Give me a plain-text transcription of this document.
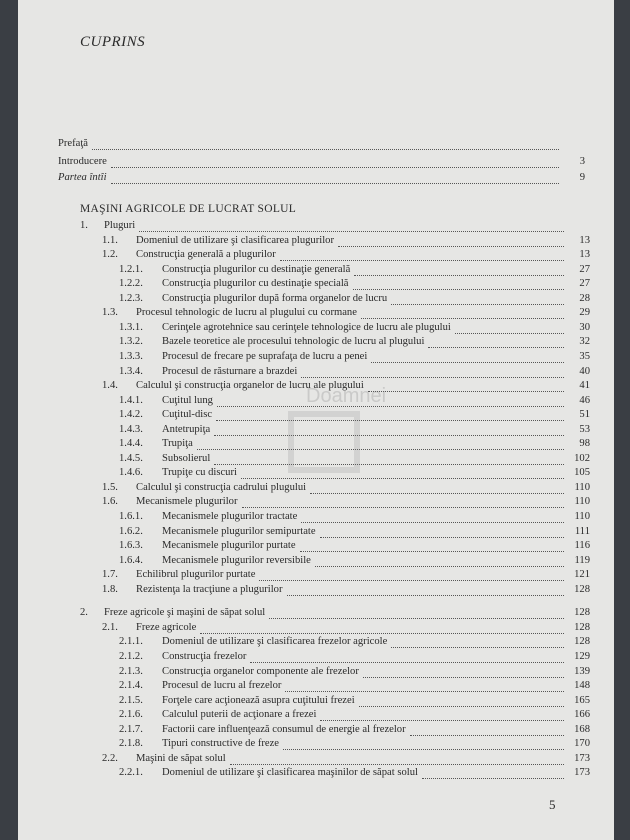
CUPRINS
Prefaţă
Introducere	3
Partea întîi	9
MAŞINI AGRICOLE DE LUCRAT SOLUL
1.	Pluguri
1.1.	Domeniul de utilizare şi clasificarea plugurilor	13
1.2.	Construcţia generală a plugurilor	13
1.2.1.	Construcţia plugurilor cu destinaţie generală	27
1.2.2.	Construcţia plugurilor cu destinaţie specială	27
1.2.3.	Construcţia plugurilor după forma organelor de lucru	28
1.3.	Procesul tehnologic de lucru al plugului cu cormane	29
1.3.1.	Cerinţele agrotehnice sau cerinţele tehnologice de lucru ale plugului	30
1.3.2.	Bazele teoretice ale procesului tehnologic de lucru al plugului	32
1.3.3.	Procesul de frecare pe suprafaţa de lucru a penei	35
1.3.4.	Procesul de răsturnare a brazdei	40
1.4.	Calculul şi construcţia organelor de lucru ale plugului	41
1.4.1.	Cuţitul lung	46
1.4.2.	Cuţitul-disc	51
1.4.3.	Antetrupiţa	53
1.4.4.	Trupiţa	98
1.4.5.	Subsolierul	102
1.4.6.	Trupiţe cu discuri	105
1.5.	Calculul şi construcţia cadrului plugului	110
1.6.	Mecanismele plugurilor	110
1.6.1.	Mecanismele plugurilor tractate	110
1.6.2.	Mecanismele plugurilor semipurtate	111
1.6.3.	Mecanismele plugurilor purtate	116
1.6.4.	Mecanismele plugurilor reversibile	119
1.7.	Echilibrul plugurilor purtate	121
1.8.	Rezistenţa la tracţiune a plugurilor	128
2.	Freze agricole şi maşini de săpat solul	128
2.1.	Freze agricole	128
2.1.1.	Domeniul de utilizare şi clasificarea frezelor agricole	128
2.1.2.	Construcţia frezelor	129
2.1.3.	Construcţia organelor componente ale frezelor	139
2.1.4.	Procesul de lucru al frezelor	148
2.1.5.	Forţele care acţionează asupra cuţitului frezei	165
2.1.6.	Calculul puterii de acţionare a frezei	166
2.1.7.	Factorii care influenţează consumul de energie al frezelor	168
2.1.8.	Tipuri constructive de freze	170
2.2.	Maşini de săpat solul	173
2.2.1.	Domeniul de utilizare şi clasificarea maşinilor de săpat solul	173
Doamnei
5
